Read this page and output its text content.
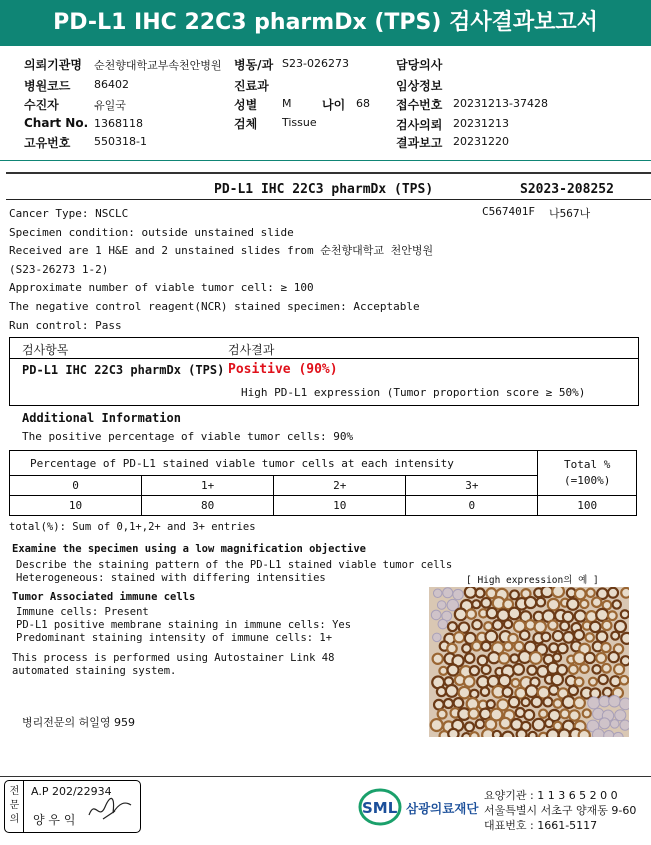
PD-L1 IHC 22C3 pharmDx (TPS) 검사결과보고서
의뢰기관명 순천향대학교부속천안병원 병동/과 S23-026273	담당의사
병원코드 86402	진료과	임상정보
수진자	유일국	성별 M	나이 68 접수번호 20231213-37428
Chart No. 1368118	검체 Tissue	검사의뢰 20231213
고유번호 550318-1	결과보고 20231220
PD-L1 IHC 22C3 pharmDx (TPS)	S2023-208252
C567401F 나567나
Cancer Type: NSCLC
Specimen condition: outside unstained slide
Received are 1 H&E and 2 unstained slides from 순천향대학교 천안병원
(S23-26273 1-2)
Approximate number of viable tumor cell: ≥ 100
The negative control reagent(NCR) stained specimen: Acceptable
Run control: Pass
검사항목	검사결과
PD-L1 IHC 22C3 pharmDx (TPS) Positive (90%)
High PD-L1 expression (Tumor proportion score ≥ 50%)
Additional Information
The positive percentage of viable tumor cells: 90%
Percentage of PD-L1 stained viable tumor cells at each intensity				Total %
(=100%)

0	1+	2+	3+	
10	80	10	0	100
total(%): Sum of 0,1+,2+ and 3+ entries
Examine the specimen using a low magnification objective
Describe the staining pattern of the PD-L1 stained viable tumor cells
Heterogeneous: stained with differing intensities	[ High expression의 예 ]
Tumor Associated immune cells
Immune cells: Present
PD-L1 positive membrane staining in immune cells: Yes
Predominant staining intensity of immune cells: 1+
This process is performed using Autostainer Link 48
automated staining system.
병리전문의 허일영 959
전문의
A.P 202/22934
양 우 익
SML 삼광의료재단
요양기관 : 1 1 3 6 5 2 0 0
서울특별시 서초구 양재동 9-60
대표번호 : 1661-5117
